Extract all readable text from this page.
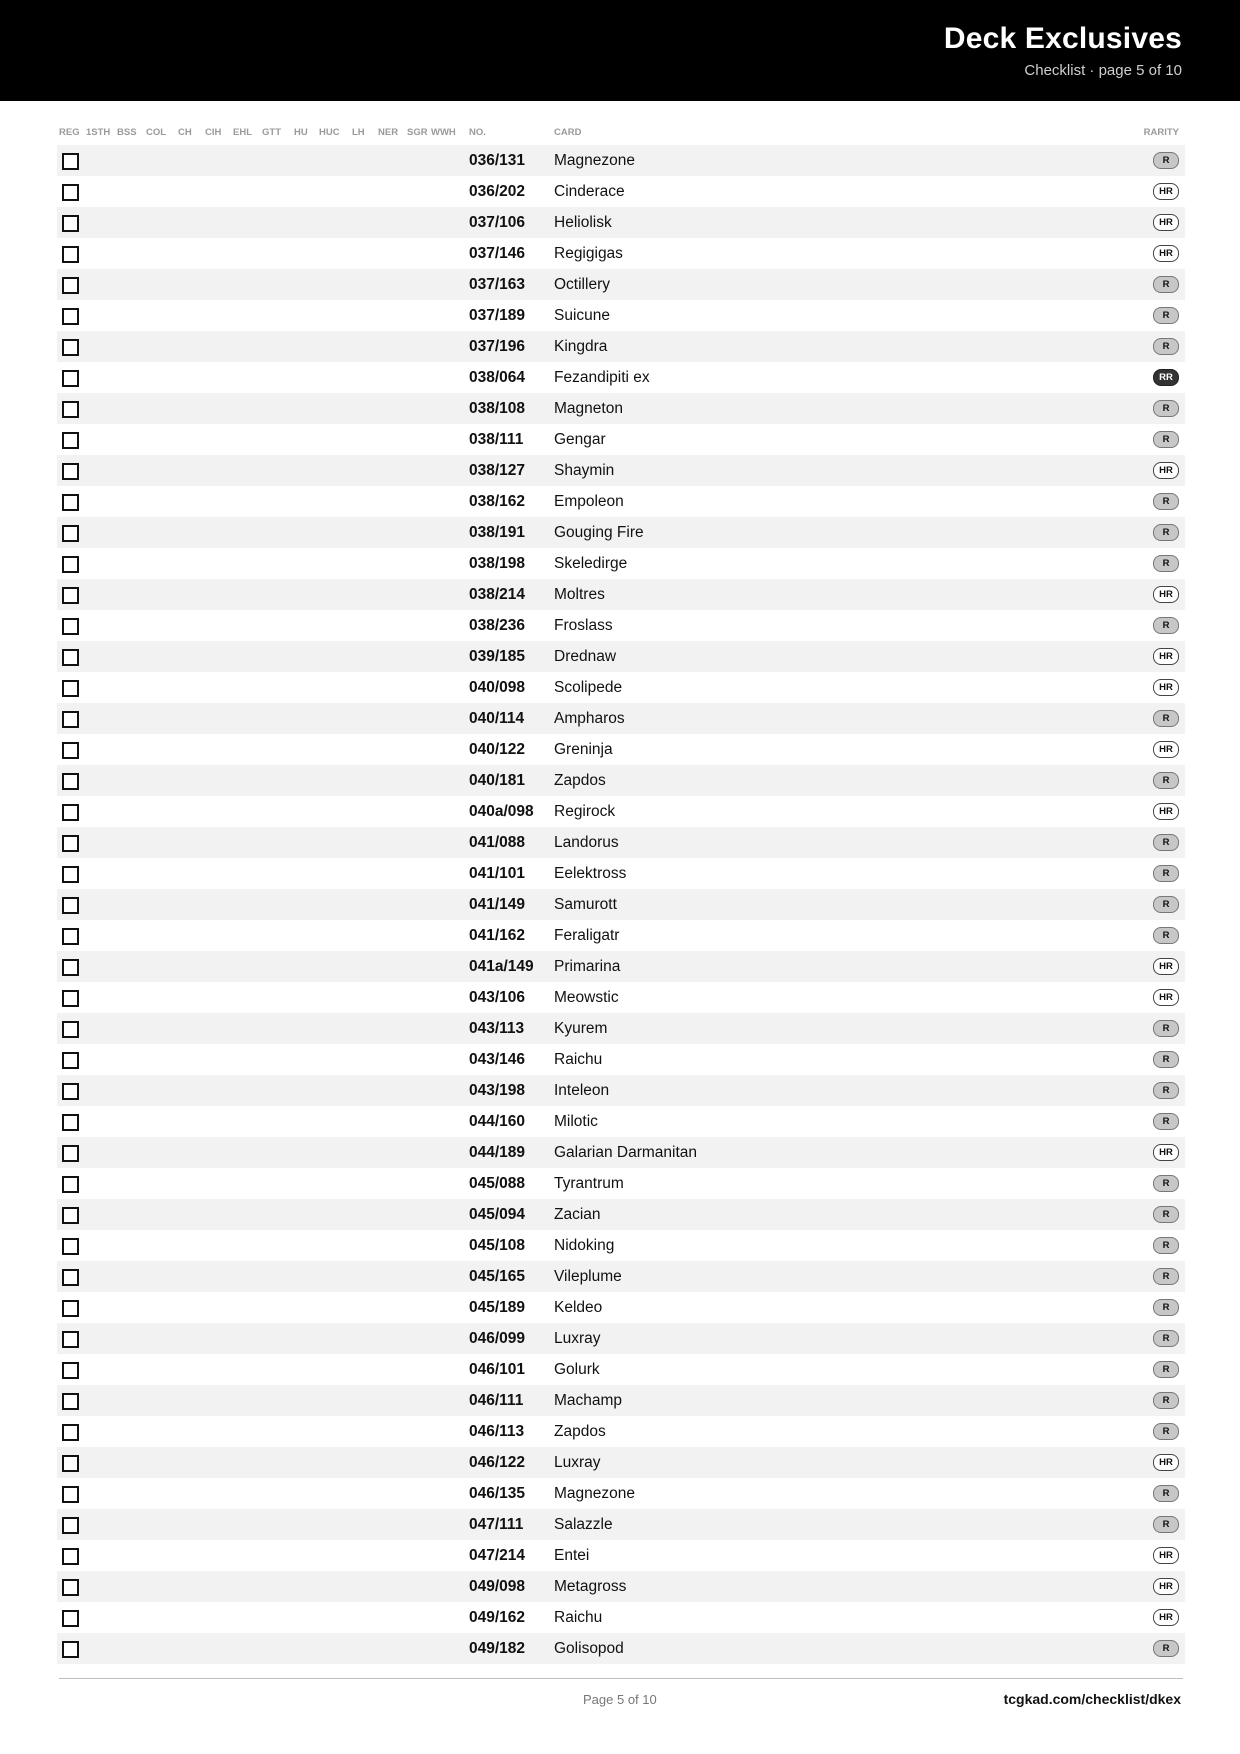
Deck Exclusives
Checklist · page 5 of 10
REG 1STH BSS COL CH CIH EHL GTT HU HUC LH NER SGR WWH NO.	CARD	RARITY
036/131 Magnezone	R
036/202 Cinderace	HR
037/106 Heliolisk	HR
037/146 Regigigas	HR
037/163 Octillery	R
037/189 Suicune	R
037/196 Kingdra	R
038/064 Fezandipiti ex	RR
038/108 Magneton	R
038/111 Gengar	R
038/127 Shaymin	HR
038/162 Empoleon	R
038/191 Gouging Fire	R
038/198 Skeledirge	R
038/214 Moltres	HR
038/236 Froslass	R
039/185 Drednaw	HR
040/098 Scolipede	HR
040/114 Ampharos	R
040/122 Greninja	HR
040/181 Zapdos	R
040a/098 Regirock	HR
041/088 Landorus	R
041/101 Eelektross	R
041/149 Samurott	R
041/162 Feraligatr	R
041a/149 Primarina	HR
043/106 Meowstic	HR
043/113 Kyurem	R
043/146 Raichu	R
043/198 Inteleon	R
044/160 Milotic	R
044/189 Galarian Darmanitan	HR
045/088 Tyrantrum	R
045/094 Zacian	R
045/108 Nidoking	R
045/165 Vileplume	R
045/189 Keldeo	R
046/099 Luxray	R
046/101 Golurk	R
046/111 Machamp	R
046/113 Zapdos	R
046/122 Luxray	HR
046/135 Magnezone	R
047/111 Salazzle	R
047/214 Entei	HR
049/098 Metagross	HR
049/162 Raichu	HR
049/182 Golisopod	R
Page 5 of 10	tcgkad.com/checklist/dkex
